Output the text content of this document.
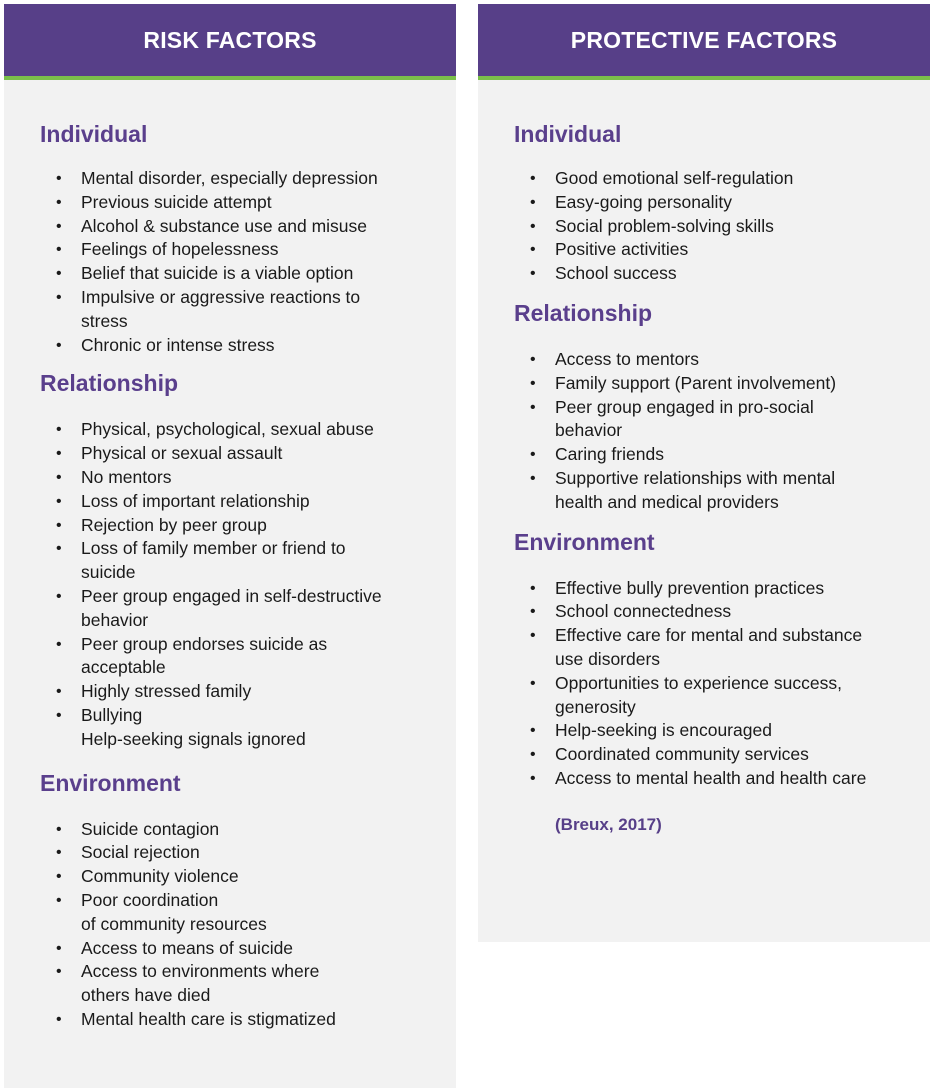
RISK FACTORS
Individual
• Mental disorder, especially depression
• Previous suicide attempt
• Alcohol & substance use and misuse
• Feelings of hopelessness
• Belief that suicide is a viable option
• Impulsive or aggressive reactions to stress
• Chronic or intense stress
Relationship
• Physical, psychological, sexual abuse
• Physical or sexual assault
• No mentors
• Loss of important relationship
• Rejection by peer group
• Loss of family member or friend to suicide
• Peer group engaged in self-destructive behavior
• Peer group endorses suicide as acceptable
• Highly stressed family
• Bullying
Help-seeking signals ignored
Environment
• Suicide contagion
• Social rejection
• Community violence
• Poor coordination
of community resources
• Access to means of suicide
• Access to environments where others have died
• Mental health care is stigmatized
PROTECTIVE FACTORS
Individual
• Good emotional self-regulation
• Easy-going personality
• Social problem-solving skills
• Positive activities
• School success
Relationship
• Access to mentors
• Family support (Parent involvement)
• Peer group engaged in pro-social behavior
• Caring friends
• Supportive relationships with mental health and medical providers
Environment
• Effective bully prevention practices
• School connectedness
• Effective care for mental and substance use disorders
• Opportunities to experience success, generosity
• Help-seeking is encouraged
• Coordinated community services
• Access to mental health and health care

(Breux, 2017)
